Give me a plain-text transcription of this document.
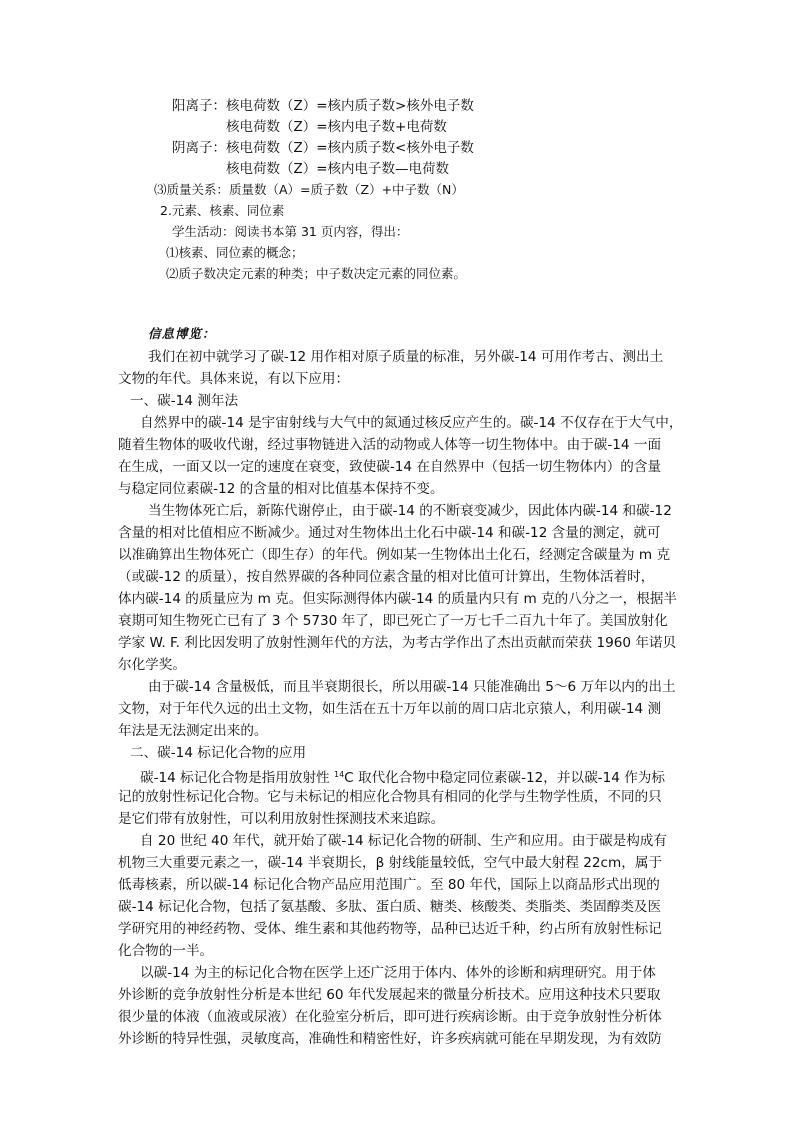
阳离子： 核电荷数（Z）=核内质子数>核外电子数

核电荷数（Z）=核内电子数+电荷数

阴离子： 核电荷数（Z）=核内质子数<核外电子数

核电荷数（Z）=核内电子数—电荷数

⑶质量关系：质量数（A）=质子数（Z）+中子数（N）

2.元素、核素、同位素

学生活动：阅读书本第 31 页内容，得出：

⑴核素、同位素的概念；

⑵质子数决定元素的种类；中子数决定元素的同位素。

信息博览：

我们在初中就学习了碳-12 用作相对原子质量的标准，另外碳-14 可用作考古、测出土

文物的年代。具体来说，有以下应用：

一、碳-14 测年法

自然界中的碳-14 是宇宙射线与大气中的氮通过核反应产生的。碳-14 不仅存在于大气中，

随着生物体的吸收代谢，经过事物链进入活的动物或人体等一切生物体中。由于碳-14 一面

在生成，一面又以一定的速度在衰变，致使碳-14 在自然界中（包括一切生物体内）的含量

与稳定同位素碳-12 的含量的相对比值基本保持不变。

当生物体死亡后，新陈代谢停止，由于碳-14 的不断衰变减少，因此体内碳-14 和碳-12

含量的相对比值相应不断减少。通过对生物体出土化石中碳-14 和碳-12 含量的测定，就可

以准确算出生物体死亡（即生存）的年代。例如某一生物体出土化石，经测定含碳量为 m 克

（或碳-12 的质量），按自然界碳的各种同位素含量的相对比值可计算出，生物体活着时，

体内碳-14 的质量应为 m 克。但实际测得体内碳-14 的质量内只有 m 克的八分之一，根据半

衰期可知生物死亡已有了 3 个 5730 年了，即已死亡了一万七千二百九十年了。美国放射化

学家 W. F. 利比因发明了放射性测年代的方法，为考古学作出了杰出贡献而荣获 1960 年诺贝

尔化学奖。

由于碳-14 含量极低，而且半衰期很长，所以用碳-14 只能准确出 5～6 万年以内的出土

文物，对于年代久远的出土文物，如生活在五十万年以前的周口店北京猿人，利用碳-14 测

年法是无法测定出来的。

二、碳-14 标记化合物的应用

碳-14 标记化合物是指用放射性 $^{14}$C 取代化合物中稳定同位素碳-12，并以碳-14 作为标

记的放射性标记化合物。它与未标记的相应化合物具有相同的化学与生物学性质，不同的只

是它们带有放射性，可以利用放射性探测技术来追踪。

自 20 世纪 40 年代，就开始了碳-14 标记化合物的研制、生产和应用。由于碳是构成有

机物三大重要元素之一，碳-14 半衰期长，β 射线能量较低，空气中最大射程 22cm，属于

低毒核素，所以碳-14 标记化合物产品应用范围广。至 80 年代，国际上以商品形式出现的

碳-14 标记化合物，包括了氨基酸、多肽、蛋白质、糖类、核酸类、类脂类、类固醇类及医

学研究用的神经药物、受体、维生素和其他药物等，品种已达近千种，约占所有放射性标记

化合物的一半。

以碳-14 为主的标记化合物在医学上还广泛用于体内、体外的诊断和病理研究。用于体

外诊断的竞争放射性分析是本世纪 60 年代发展起来的微量分析技术。应用这种技术只要取

很少量的体液（血液或尿液）在化验室分析后，即可进行疾病诊断。由于竞争放射性分析体

外诊断的特异性强，灵敏度高，准确性和精密性好，许多疾病就可能在早期发现，为有效防
